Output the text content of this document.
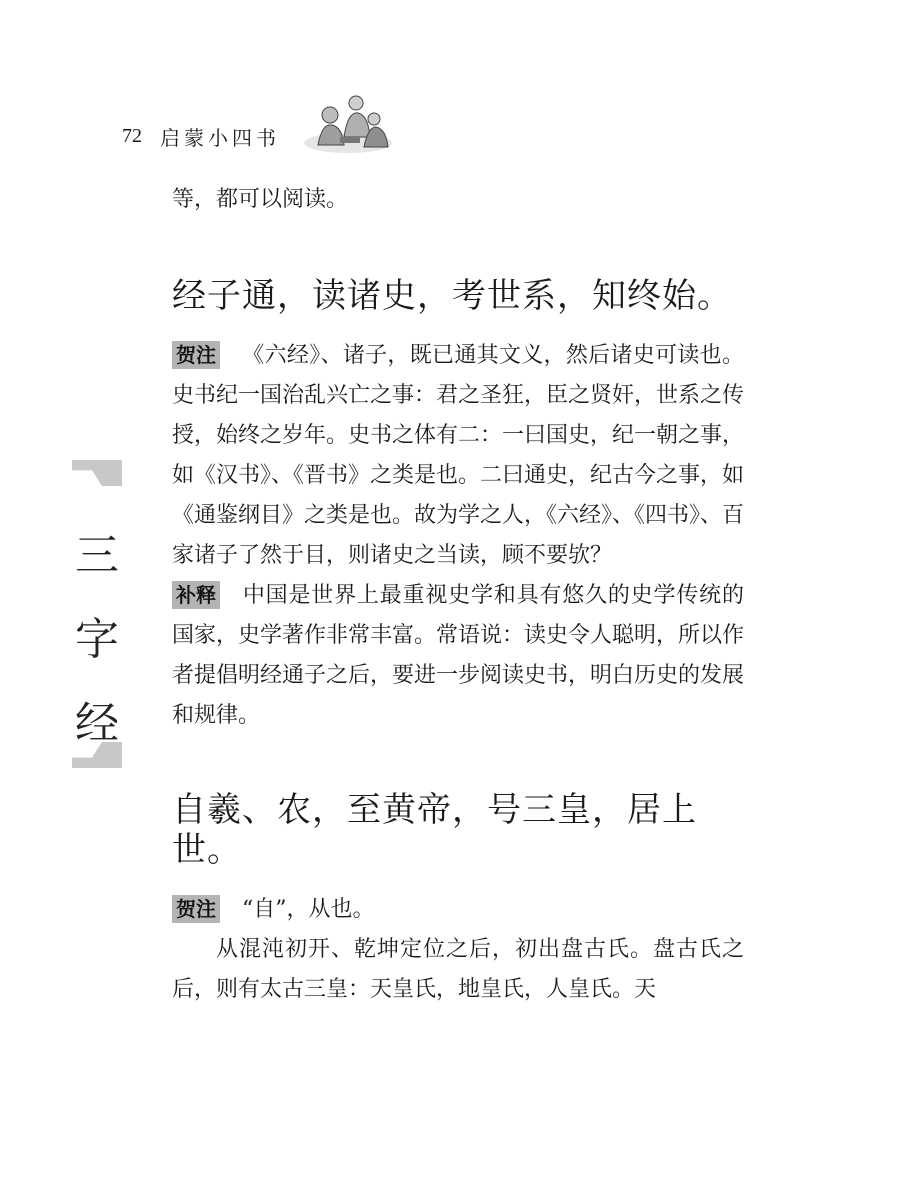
72 启蒙小四书
三
字
经

等，都可以阅读。

经子通，读诸史，考世系，知终始。

贺注 《六经》、诸子，既已通其文义，然后诸史可读也。史书纪一国治乱兴亡之事：君之圣狂，臣之贤奸，世系之传授，始终之岁年。史书之体有二：一曰国史，纪一朝之事，如《汉书》、《晋书》之类是也。二曰通史，纪古今之事，如《通鉴纲目》之类是也。故为学之人，《六经》、《四书》、百家诸子了然于目，则诸史之当读，顾不要欤？

补释 中国是世界上最重视史学和具有悠久的史学传统的国家，史学著作非常丰富。常语说：读史令人聪明，所以作者提倡明经通子之后，要进一步阅读史书，明白历史的发展和规律。

自羲、农，至黄帝，号三皇，居上世。

贺注 “自”，从也。

从混沌初开、乾坤定位之后，初出盘古氏。盘古氏之后，则有太古三皇：天皇氏，地皇氏，人皇氏。天
